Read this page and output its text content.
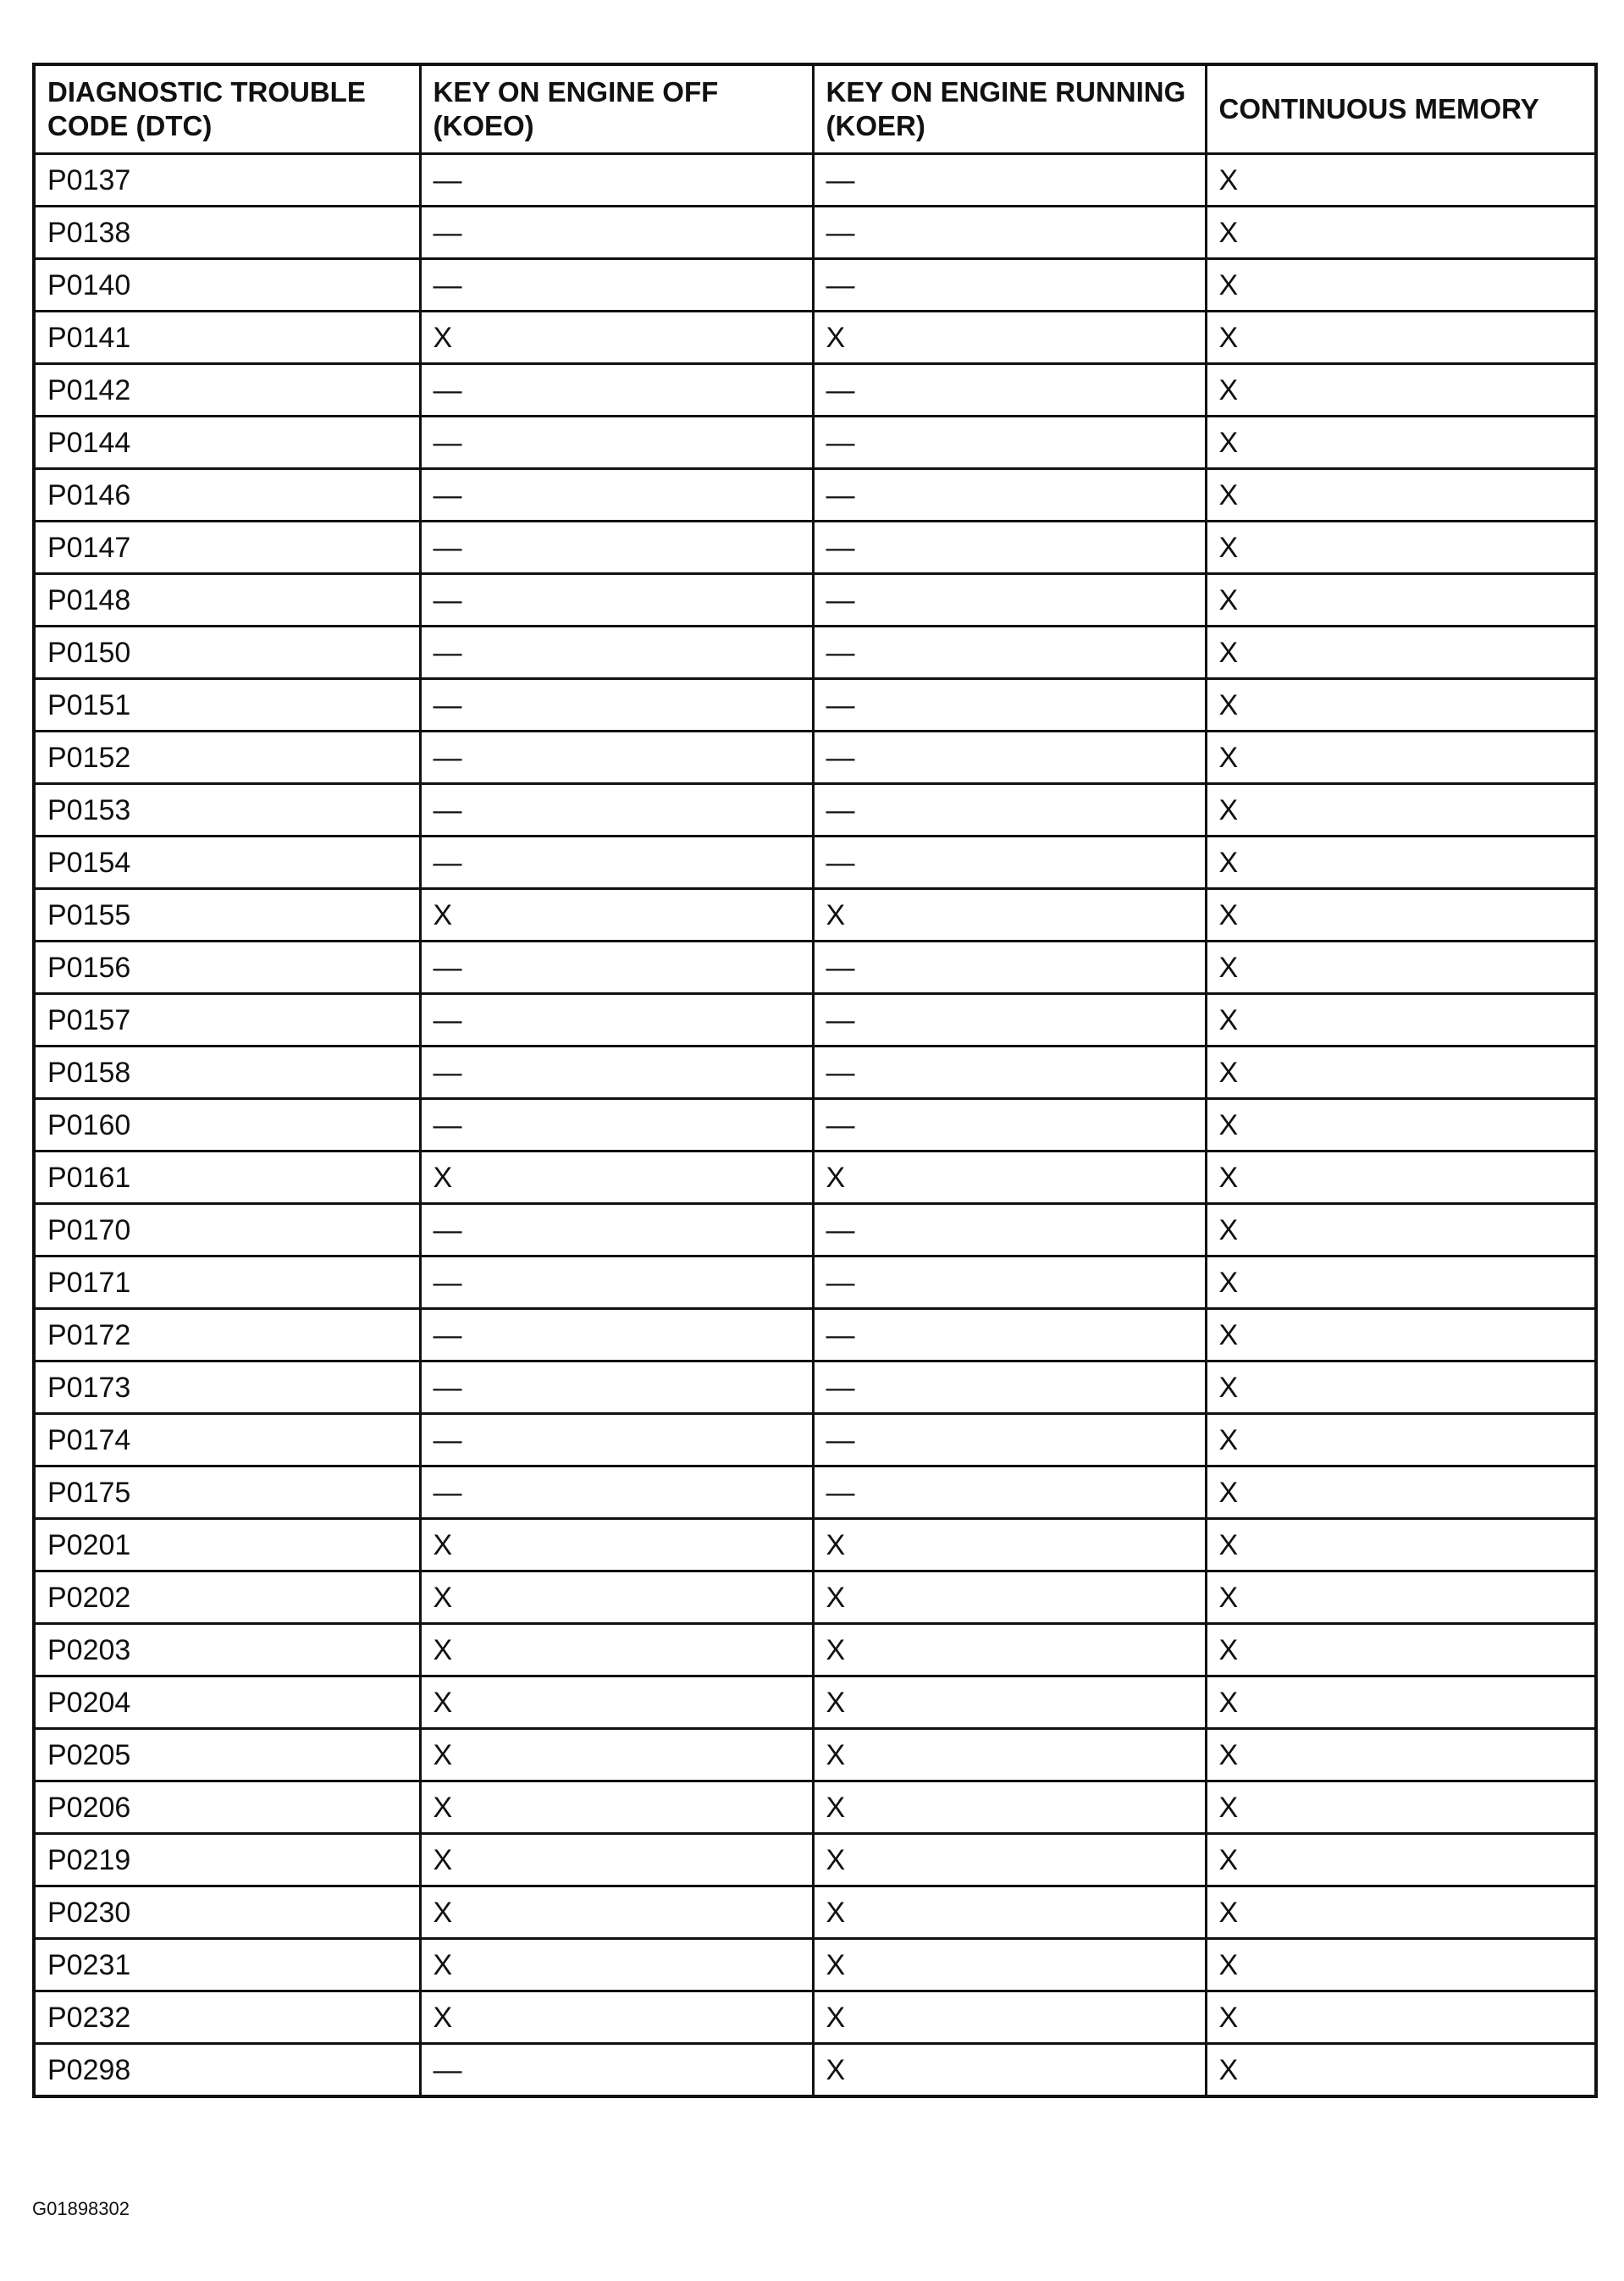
DIAGNOSTIC TROUBLE CODE (DTC)	KEY ON ENGINE OFF (KOEO)	KEY ON ENGINE RUNNING (KOER)	CONTINUOUS MEMORY
P0137	—	—	X
P0138	—	—	X
P0140	—	—	X
P0141	X	X	X
P0142	—	—	X
P0144	—	—	X
P0146	—	—	X
P0147	—	—	X
P0148	—	—	X
P0150	—	—	X
P0151	—	—	X
P0152	—	—	X
P0153	—	—	X
P0154	—	—	X
P0155	X	X	X
P0156	—	—	X
P0157	—	—	X
P0158	—	—	X
P0160	—	—	X
P0161	X	X	X
P0170	—	—	X
P0171	—	—	X
P0172	—	—	X
P0173	—	—	X
P0174	—	—	X
P0175	—	—	X
P0201	X	X	X
P0202	X	X	X
P0203	X	X	X
P0204	X	X	X
P0205	X	X	X
P0206	X	X	X
P0219	X	X	X
P0230	X	X	X
P0231	X	X	X
P0232	X	X	X
P0298	—	X	X
G01898302
